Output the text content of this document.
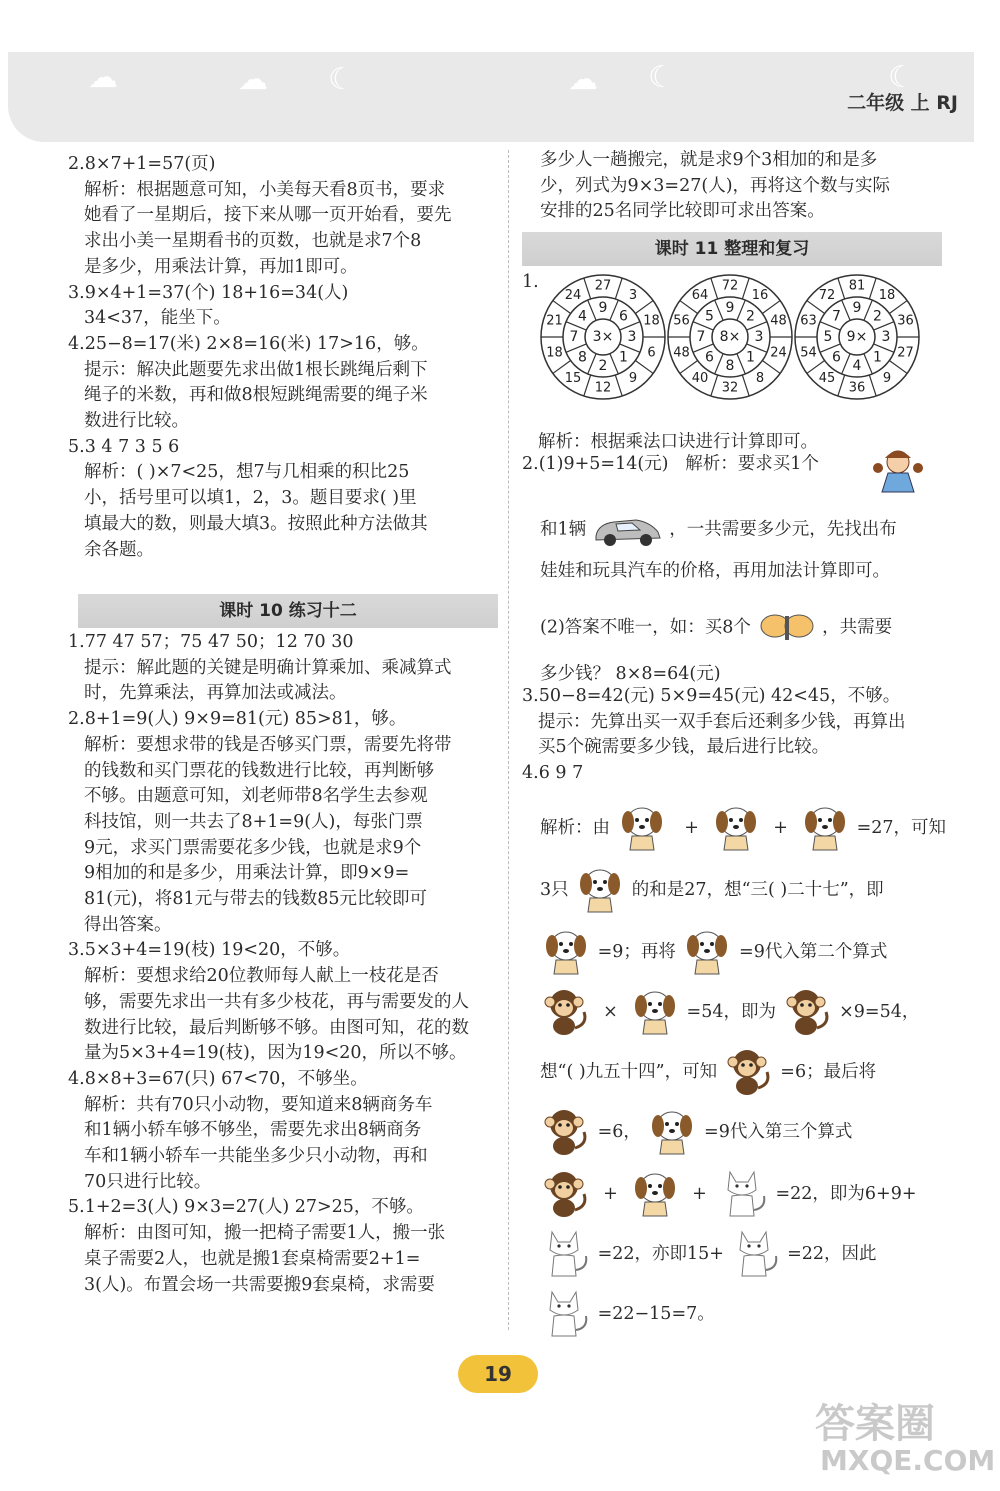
☁	☁ ☾	☁ ☾	☾
二年级 上 RJ

2.8×7+1=57(页)

解析：根据题意可知，小美每天看8页书，要求

她看了一星期后，接下来从哪一页开始看，要先

求出小美一星期看书的页数，也就是求7个8

是多少，用乘法计算，再加1即可。

3.9×4+1=37(个) 18+16=34(人)

34<37，能坐下。

4.25−8=17(米) 2×8=16(米) 17>16，够。

提示：解决此题要先求出做1根长跳绳后剩下

绳子的米数，再和做8根短跳绳需要的绳子米

数进行比较。

5.3 4 7 3 5 6

解析：( )×7<25，想7与几相乘的积比25

小，括号里可以填1，2，3。题目要求( )里

填最大的数，则最大填3。按照此种方法做其

余各题。

课时 10 练习十二

1.77 47 57；75 47 50；12 70 30

提示：解此题的关键是明确计算乘加、乘减算式

时，先算乘法，再算加法或减法。

2.8+1=9(人) 9×9=81(元) 85>81，够。

解析：要想求带的钱是否够买门票，需要先将带

的钱数和买门票花的钱数进行比较，再判断够

不够。由题意可知，刘老师带8名学生去参观

科技馆，则一共去了8+1=9(人)，每张门票

9元，求买门票需要花多少钱，也就是求9个

9相加的和是多少，用乘法计算，即9×9=

81(元)，将81元与带去的钱数85元比较即可

得出答案。

3.5×3+4=19(枝) 19<20，不够。

解析：要想求给20位教师每人献上一枝花是否

够，需要先求出一共有多少枝花，再与需要发的人

数进行比较，最后判断够不够。由图可知，花的数

量为5×3+4=19(枝)，因为19<20，所以不够。

4.8×8+3=67(只) 67<70，不够坐。

解析：共有70只小动物，要知道来8辆商务车

和1辆小轿车够不够坐，需要先求出8辆商务

车和1辆小轿车一共能坐多少只小动物，再和

70只进行比较。

5.1+2=3(人) 9×3=27(人) 27>25，不够。

解析：由图可知，搬一把椅子需要1人，搬一张

桌子需要2人，也就是搬1套桌椅需要2+1=

3(人)。布置会场一共需要搬9套桌椅，求需要

多少人一趟搬完，就是求9个3相加的和是多

少，列式为9×3=27(人)，再将这个数与实际

安排的25名同学比较即可求出答案。

课时 11 整理和复习
1.
3×
9
6
3
1
2
8
7
4
27
3
18
6
9
12
15
18
21
24
8×
9
2
3
1
8
6
7
5
72
16
48
24
8
32
40
48
56
64
9×
9
2
3
1
4
6
5
7
81
18
36
27
9
36
45
54
63
72
解析：根据乘法口诀进行计算即可。
2.(1)9+5=14(元) 解析：要求买1个
和1辆	，一共需要多少元，先找出布
娃娃和玩具汽车的价格，再用加法计算即可。
(2)答案不唯一，如：买8个	，共需要
多少钱？ 8×8=64(元)

3.50−8=42(元) 5×9=45(元) 42<45，不够。

提示：先算出买一双手套后还剩多少钱，再算出

买5个碗需要多少钱，最后进行比较。

4.6 9 7

解析：由	+	+	=27，可知
3只	的和是27，想“三( )二十七”，即
=9；再将	=9代入第二个算式
×	=54，即为	×9=54，
想“( )九五十四”，可知	=6；最后将
=6，	=9代入第三个算式
+	+	=22，即为6+9+
=22，亦即15+	=22，因此
=22−15=7。
19
答案圈
MXQE.COM
